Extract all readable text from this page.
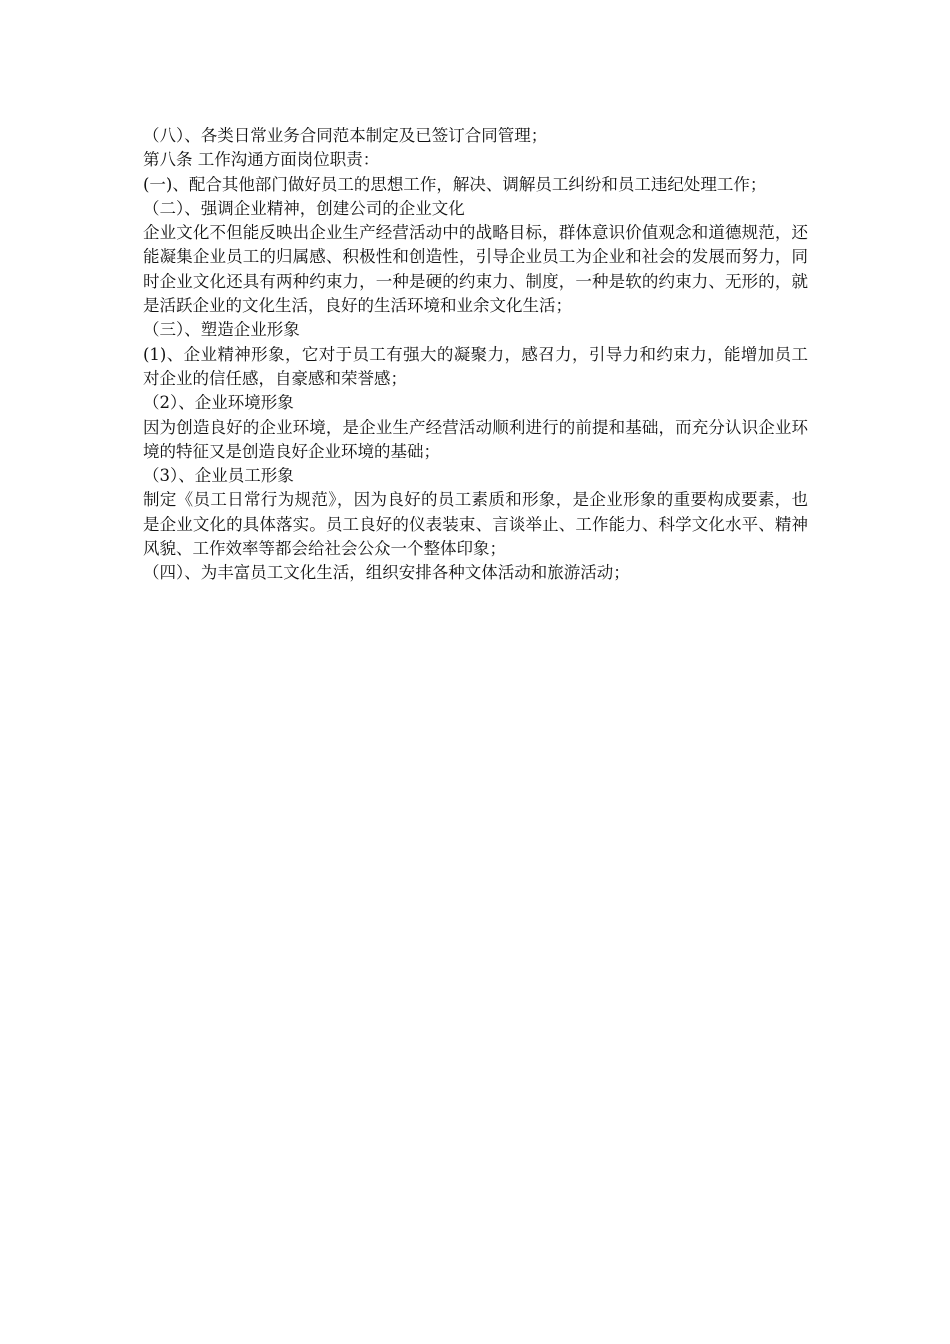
（八）、各类日常业务合同范本制定及已签订合同管理；

第八条 工作沟通方面岗位职责：

(一)、配合其他部门做好员工的思想工作，解决、调解员工纠纷和员工违纪处理工作；

（二）、强调企业精神，创建公司的企业文化

企业文化不但能反映出企业生产经营活动中的战略目标，群体意识价值观念和道德规范，还能凝集企业员工的归属感、积极性和创造性，引导企业员工为企业和社会的发展而努力，同时企业文化还具有两种约束力，一种是硬的约束力、制度，一种是软的约束力、无形的，就是活跃企业的文化生活，良好的生活环境和业余文化生活；

（三）、塑造企业形象

(1)、企业精神形象，它对于员工有强大的凝聚力，感召力，引导力和约束力，能增加员工对企业的信任感，自豪感和荣誉感；

（2）、企业环境形象

因为创造良好的企业环境，是企业生产经营活动顺利进行的前提和基础，而充分认识企业环境的特征又是创造良好企业环境的基础；

（3）、企业员工形象

制定《员工日常行为规范》，因为良好的员工素质和形象，是企业形象的重要构成要素，也是企业文化的具体落实。员工良好的仪表装束、言谈举止、工作能力、科学文化水平、精神风貌、工作效率等都会给社会公众一个整体印象；

（四）、为丰富员工文化生活，组织安排各种文体活动和旅游活动；
